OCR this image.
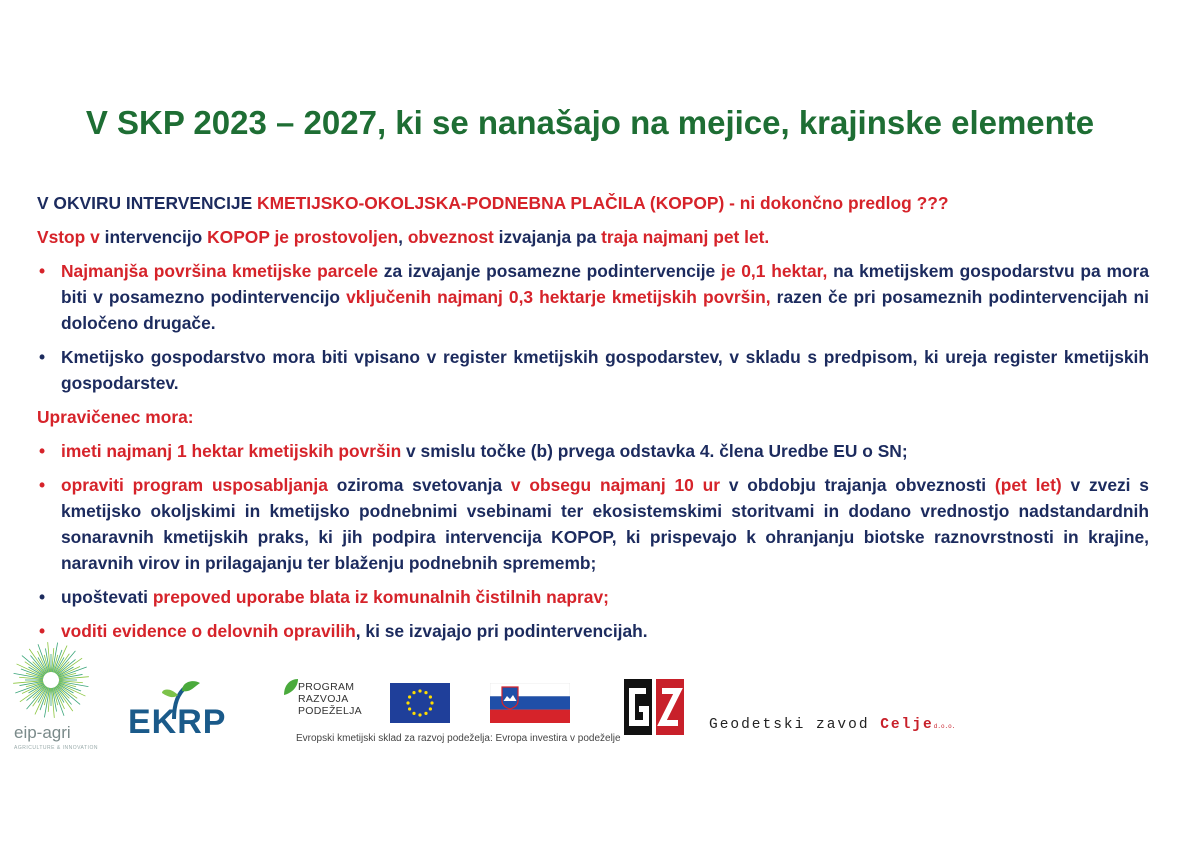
V SKP 2023 – 2027, ki se nanašajo na mejice, krajinske elemente
V OKVIRU INTERVENCIJE KMETIJSKO-OKOLJSKA-PODNEBNA PLAČILA (KOPOP) - ni dokončno predlog ???
Vstop v intervencijo KOPOP je prostovoljen, obveznost izvajanja pa traja najmanj pet let.
• Najmanjša površina kmetijske parcele za izvajanje posamezne podintervencije je 0,1 hektar, na kmetijskem gospodarstvu pa mora biti v posamezno podintervencijo vključenih najmanj 0,3 hektarje kmetijskih površin, razen če pri posameznih podintervencijah ni določeno drugače.
• Kmetijsko gospodarstvo mora biti vpisano v register kmetijskih gospodarstev, v skladu s predpisom, ki ureja register kmetijskih gospodarstev.
Upravičenec mora:
• imeti najmanj 1 hektar kmetijskih površin v smislu točke (b) prvega odstavka 4. člena Uredbe EU o SN;
• opraviti program usposabljanja oziroma svetovanja v obsegu najmanj 10 ur v obdobju trajanja obveznosti (pet let) v zvezi s kmetijsko okoljskimi in kmetijsko podnebnimi vsebinami ter ekosistemskimi storitvami in dodano vrednostjo nadstandardnih sonaravnih kmetijskih praks, ki jih podpira intervencija KOPOP, ki prispevajo k ohranjanju biotske raznovrstnosti in krajine, naravnih virov in prilagajanju ter blaženju podnebnih sprememb;
• upoštevati prepoved uporabe blata iz komunalnih čistilnih naprav;
• voditi evidence o delovnih opravilih, ki se izvajajo pri podintervencijah.
eip-agri
AGRICULTURE & INNOVATION
EKRP
PROGRAM
RAZVOJA
PODEŽELJA
Evropski kmetijski sklad za razvoj podeželja: Evropa investira v podeželje
Geodetski zavod Celjed.o.o.
